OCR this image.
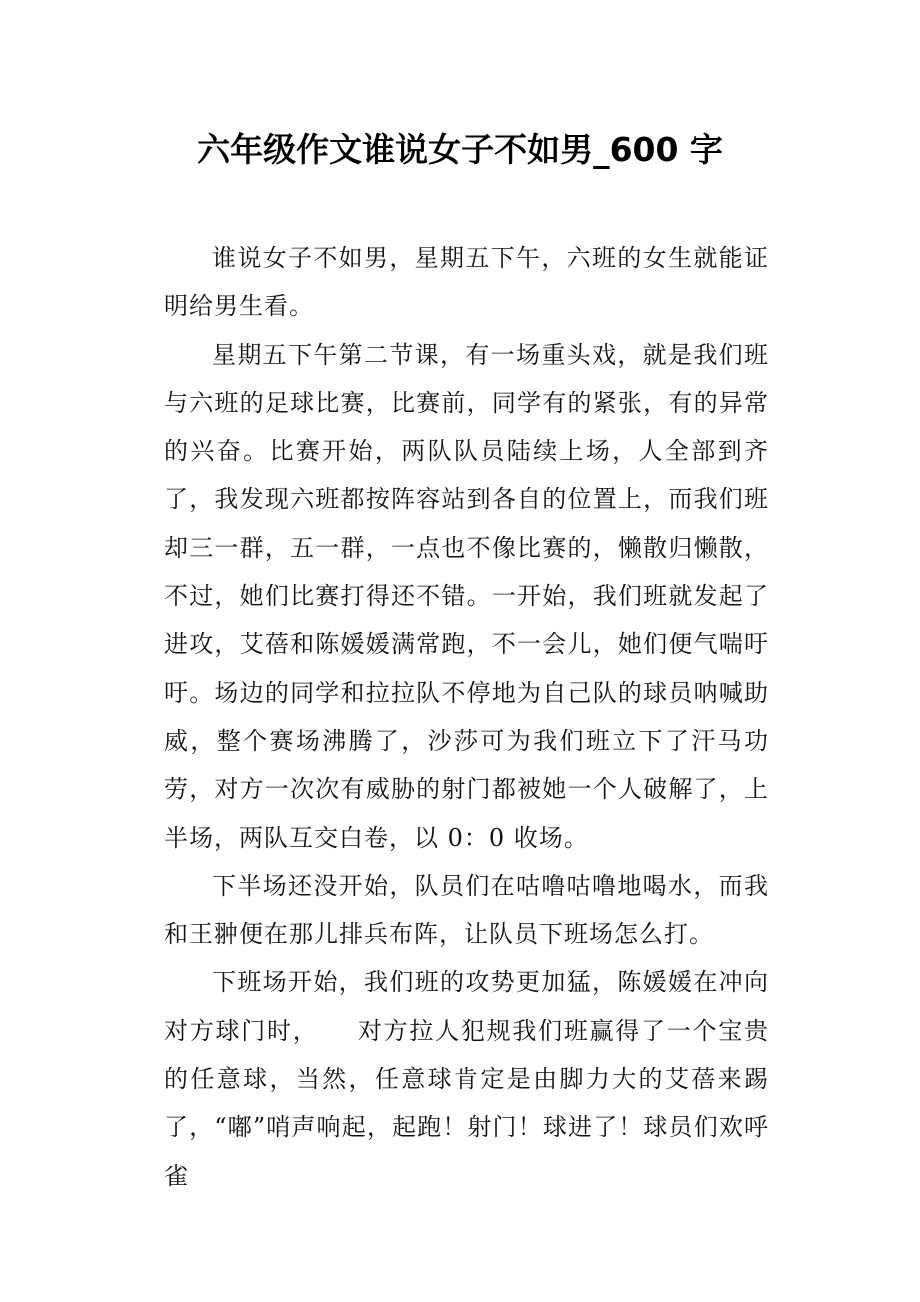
六年级作文谁说女子不如男_600 字

谁说女子不如男，星期五下午，六班的女生就能证明给男生看。

星期五下午第二节课，有一场重头戏，就是我们班与六班的足球比赛，比赛前，同学有的紧张，有的异常的兴奋。比赛开始，两队队员陆续上场，人全部到齐了，我发现六班都按阵容站到各自的位置上，而我们班却三一群，五一群，一点也不像比赛的，懒散归懒散，不过，她们比赛打得还不错。一开始，我们班就发起了进攻，艾蓓和陈媛媛满常跑，不一会儿，她们便气喘吁吁。场边的同学和拉拉队不停地为自己队的球员呐喊助威，整个赛场沸腾了，沙莎可为我们班立下了汗马功劳，对方一次次有威胁的射门都被她一个人破解了，上半场，两队互交白卷，以 0：0 收场。

下半场还没开始，队员们在咕噜咕噜地喝水，而我和王翀便在那儿排兵布阵，让队员下班场怎么打。

下班场开始，我们班的攻势更加猛，陈媛媛在冲向对方球门时，　　对方拉人犯规我们班赢得了一个宝贵的任意球，当然，任意球肯定是由脚力大的艾蓓来踢了，“嘟”哨声响起，起跑！射门！球进了！球员们欢呼雀
